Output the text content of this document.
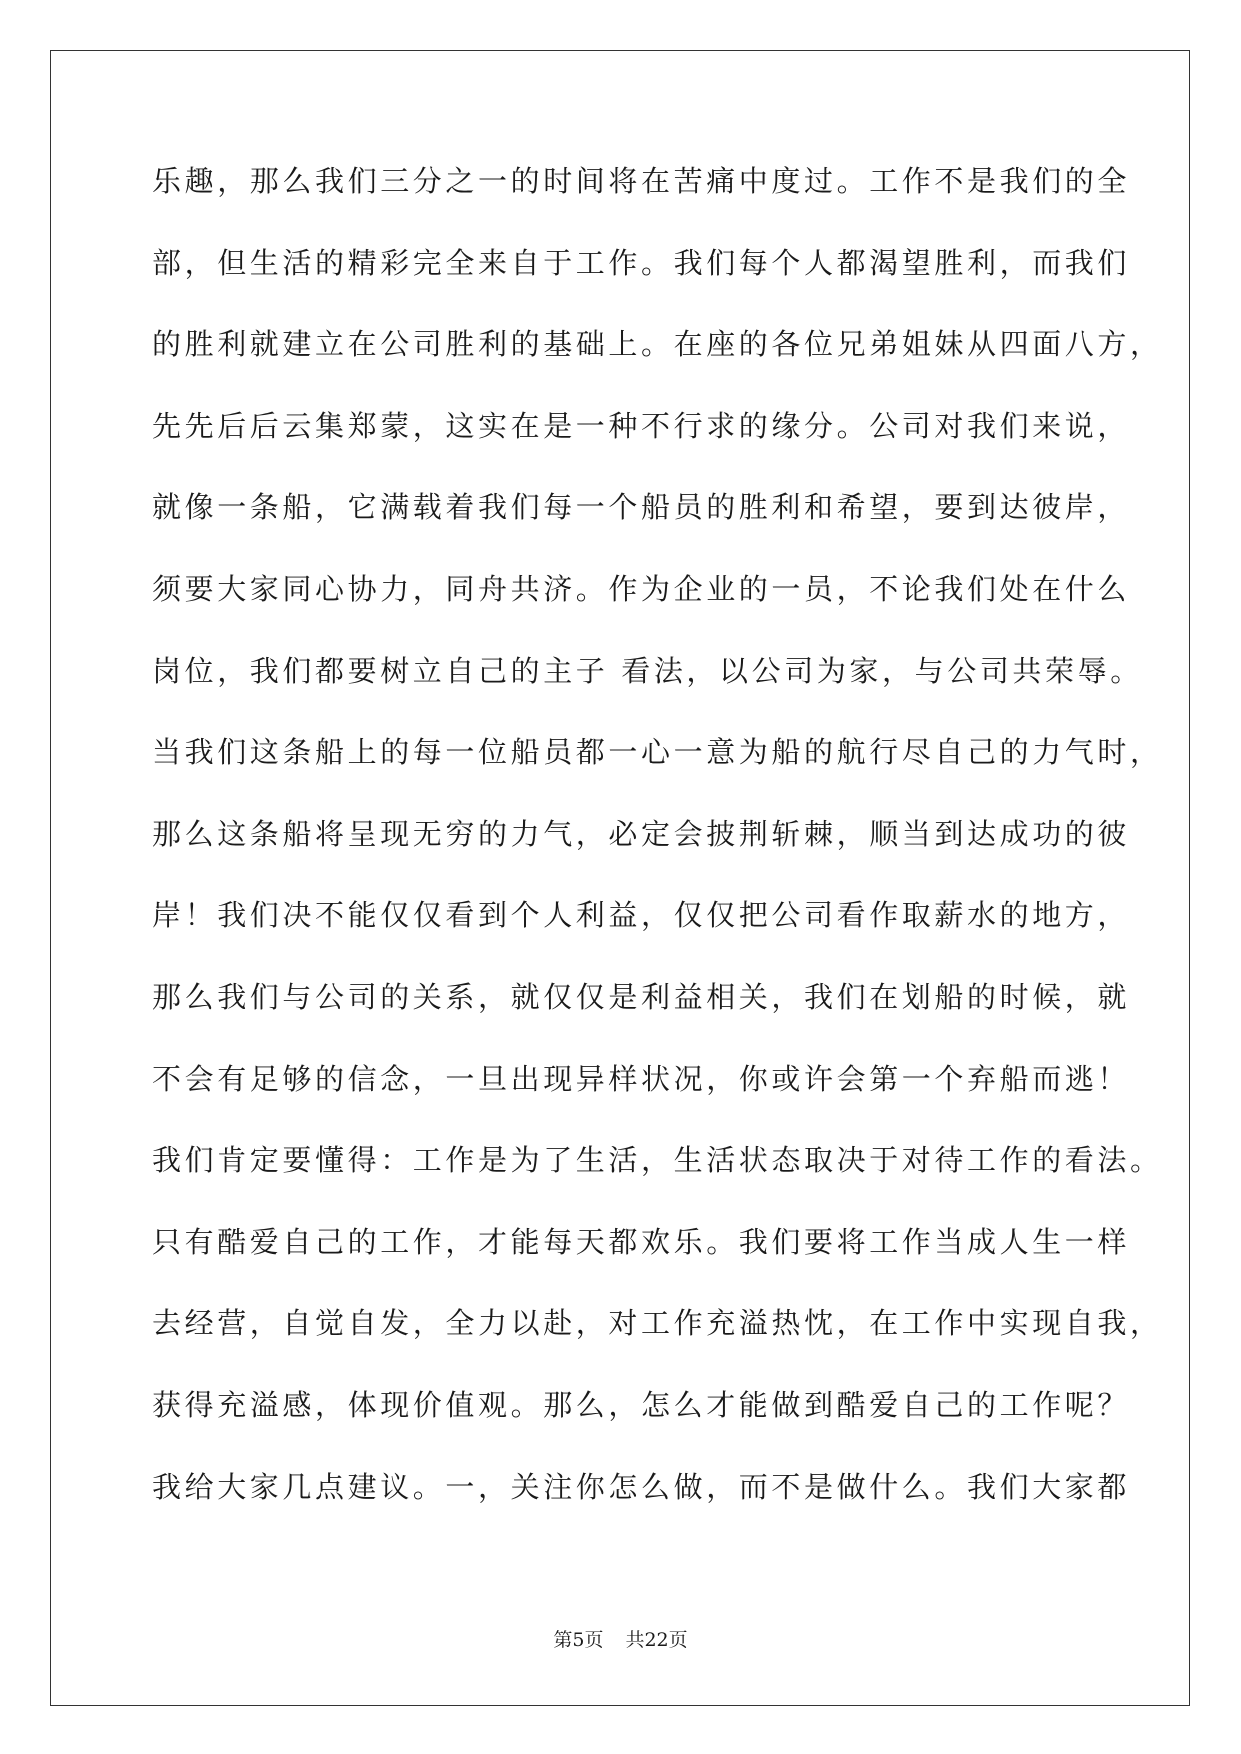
乐趣，那么我们三分之一的时间将在苦痛中度过。工作不是我们的全
部，但生活的精彩完全来自于工作。我们每个人都渴望胜利，而我们
的胜利就建立在公司胜利的基础上。在座的各位兄弟姐妹从四面八方，
先先后后云集郑蒙，这实在是一种不行求的缘分。公司对我们来说，
就像一条船，它满载着我们每一个船员的胜利和希望，要到达彼岸，
须要大家同心协力，同舟共济。作为企业的一员，不论我们处在什么
岗位，我们都要树立自己的主子 看法，以公司为家，与公司共荣辱。
当我们这条船上的每一位船员都一心一意为船的航行尽自己的力气时，
那么这条船将呈现无穷的力气，必定会披荆斩棘，顺当到达成功的彼
岸！我们决不能仅仅看到个人利益，仅仅把公司看作取薪水的地方，
那么我们与公司的关系，就仅仅是利益相关，我们在划船的时候，就
不会有足够的信念，一旦出现异样状况，你或许会第一个弃船而逃！
我们肯定要懂得：工作是为了生活，生活状态取决于对待工作的看法。
只有酷爱自己的工作，才能每天都欢乐。我们要将工作当成人生一样
去经营，自觉自发，全力以赴，对工作充溢热忱，在工作中实现自我，
获得充溢感，体现价值观。那么，怎么才能做到酷爱自己的工作呢？
我给大家几点建议。一，关注你怎么做，而不是做什么。我们大家都
第5页 共22页
